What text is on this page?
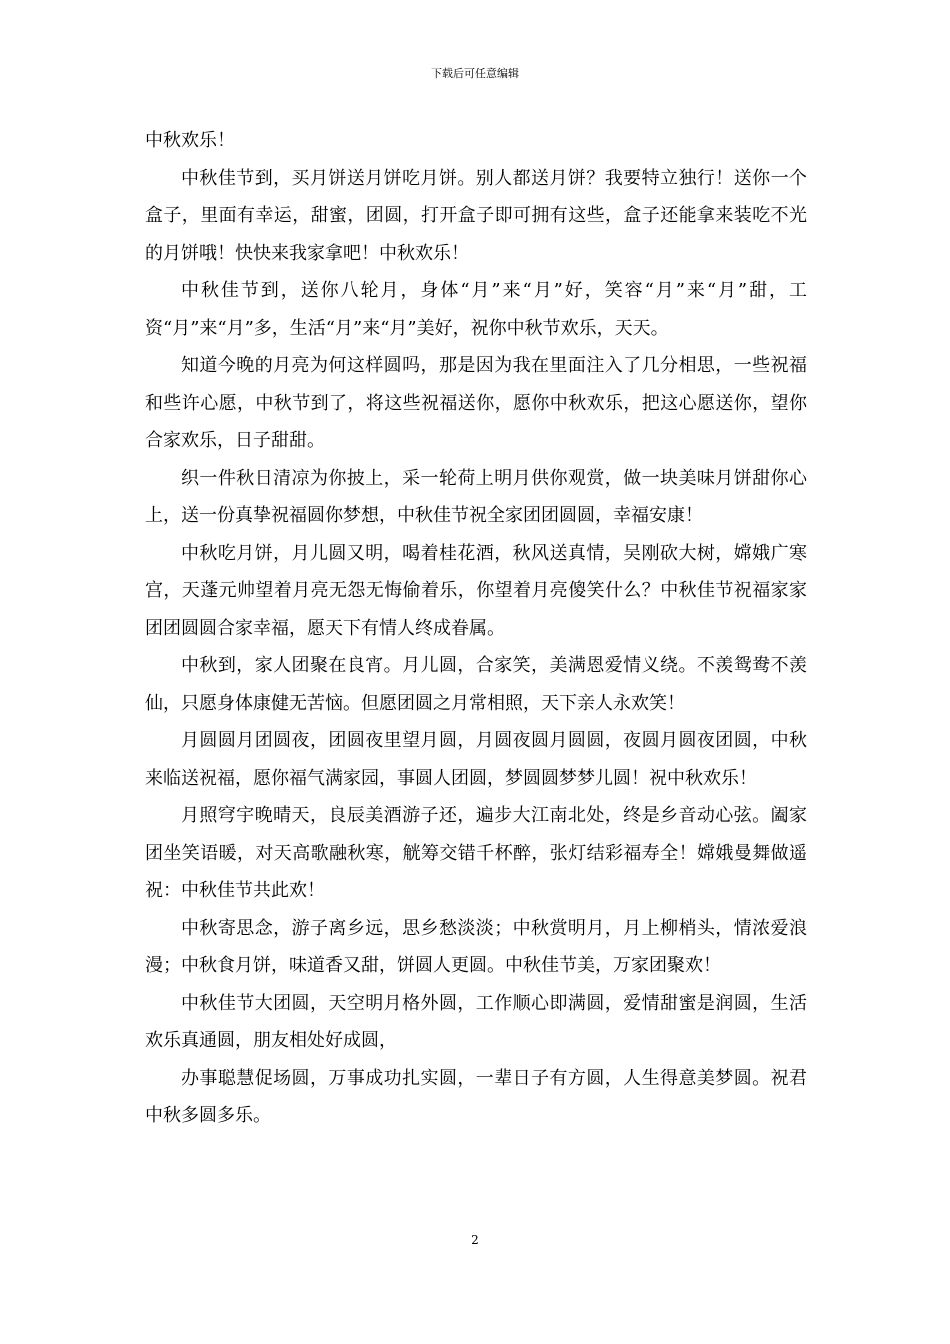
下载后可任意编辑

中秋欢乐！

中秋佳节到，买月饼送月饼吃月饼。别人都送月饼？我要特立独行！送你一个盒子，里面有幸运，甜蜜，团圆，打开盒子即可拥有这些，盒子还能拿来装吃不光的月饼哦！快快来我家拿吧！中秋欢乐！

中秋佳节到，送你八轮月，身体“月”来“月”好，笑容“月”来“月”甜，工资“月”来“月”多，生活“月”来“月”美好，祝你中秋节欢乐，天天。

知道今晚的月亮为何这样圆吗，那是因为我在里面注入了几分相思，一些祝福和些许心愿，中秋节到了，将这些祝福送你，愿你中秋欢乐，把这心愿送你，望你合家欢乐，日子甜甜。

织一件秋日清凉为你披上，采一轮荷上明月供你观赏，做一块美味月饼甜你心上，送一份真挚祝福圆你梦想，中秋佳节祝全家团团圆圆，幸福安康！

中秋吃月饼，月儿圆又明，喝着桂花酒，秋风送真情，吴刚砍大树，嫦娥广寒宫，天蓬元帅望着月亮无怨无悔偷着乐，你望着月亮傻笑什么？中秋佳节祝福家家团团圆圆合家幸福，愿天下有情人终成眷属。

中秋到，家人团聚在良宵。月儿圆，合家笑，美满恩爱情义绕。不羡鸳鸯不羡仙，只愿身体康健无苦恼。但愿团圆之月常相照，天下亲人永欢笑！

月圆圆月团圆夜，团圆夜里望月圆，月圆夜圆月圆圆，夜圆月圆夜团圆，中秋来临送祝福，愿你福气满家园，事圆人团圆，梦圆圆梦梦儿圆！祝中秋欢乐！

月照穹宇晚晴天，良辰美酒游子还，遍步大江南北处，终是乡音动心弦。阖家团坐笑语暖，对天高歌融秋寒，觥筹交错千杯醉，张灯结彩福寿全！嫦娥曼舞做遥祝：中秋佳节共此欢！

中秋寄思念，游子离乡远，思乡愁淡淡；中秋赏明月，月上柳梢头，情浓爱浪漫；中秋食月饼，味道香又甜，饼圆人更圆。中秋佳节美，万家团聚欢！

中秋佳节大团圆，天空明月格外圆，工作顺心即满圆，爱情甜蜜是润圆，生活欢乐真通圆，朋友相处好成圆，

办事聪慧促场圆，万事成功扎实圆，一辈日子有方圆，人生得意美梦圆。祝君中秋多圆多乐。

2
